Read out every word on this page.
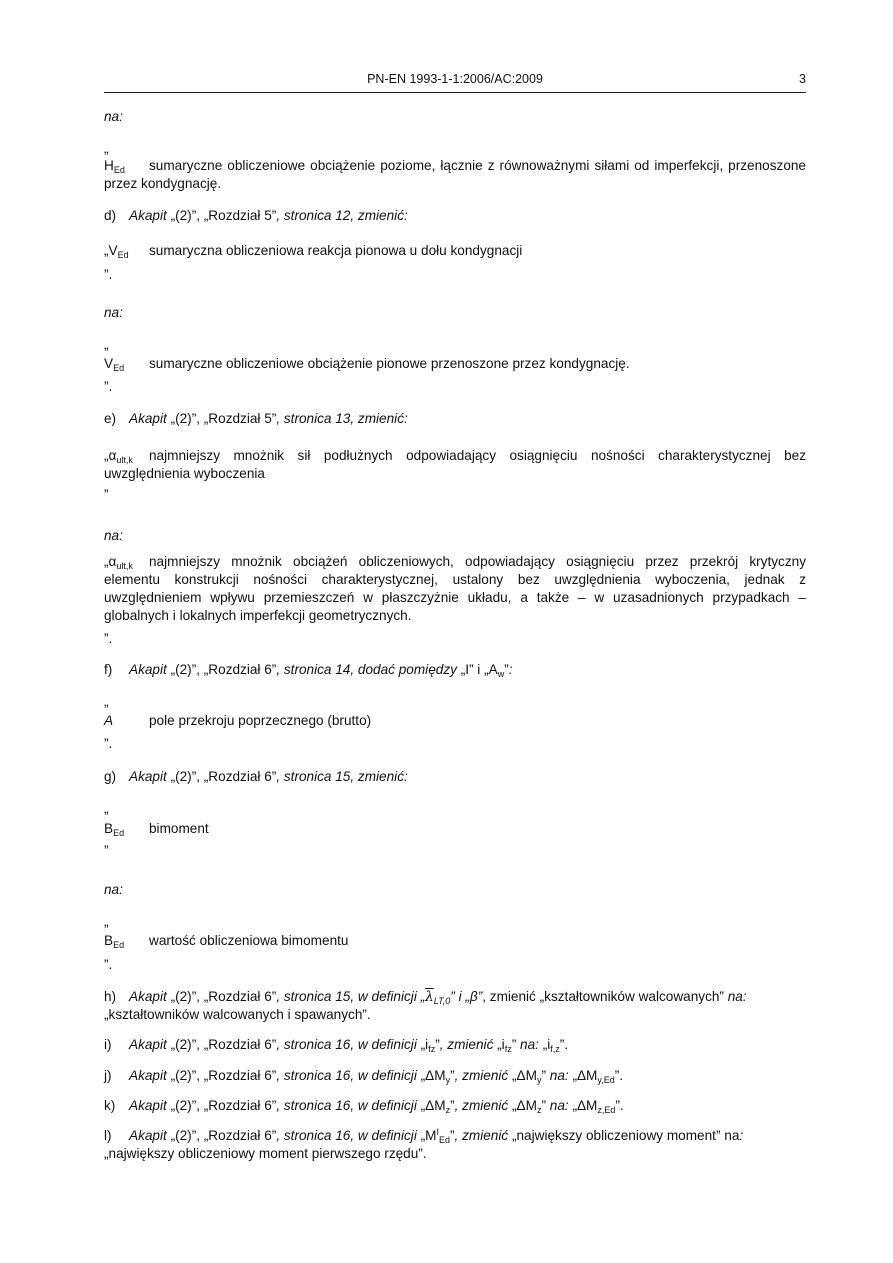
PN-EN 1993-1-1:2006/AC:2009	3
na:
„
$H_{Ed}$ sumaryczne obliczeniowe obciążenie poziome, łącznie z równoważnymi siłami od imperfekcji, przenoszone przez kondygnację.
d) Akapit „(2)”, „Rozdział 5”, stronica 12, zmienić:
$„V_{Ed}$ sumaryczna obliczeniowa reakcja pionowa u dołu kondygnacji
”.
na:
„
$V_{Ed}$ sumaryczne obliczeniowe obciążenie pionowe przenoszone przez kondygnację.
”.
e) Akapit „(2)”, „Rozdział 5”, stronica 13, zmienić:
$„\alpha_{ult,k}$ najmniejszy mnożnik sił podłużnych odpowiadający osiągnięciu nośności charakterystycznej bez uwzględnienia wyboczenia
”
na:
$„\alpha_{ult,k}$ najmniejszy mnożnik obciążeń obliczeniowych, odpowiadający osiągnięciu przez przekrój krytyczny elementu konstrukcji nośności charakterystycznej, ustalony bez uwzględnienia wyboczenia, jednak z uwzględnieniem wpływu przemieszczeń w płaszczyżnie układu, a także – w uzasadnionych przypadkach – globalnych i lokalnych imperfekcji geometrycznych.
”.
f) Akapit „(2)”, „Rozdział 6”, stronica 14, dodać pomiędzy „I” i $„A_w$”:
„
A	pole przekroju poprzecznego (brutto)
”.
g) Akapit „(2)”, „Rozdział 6”, stronica 15, zmienić:
„
$B_{Ed}$ bimoment
”
na:
„
$B_{Ed}$ wartość obliczeniowa bimomentu
”.
h) Akapit „(2)”, „Rozdział 6”, stronica 15, w definicji $„\overline{\lambda}_{LT,0}$” i „β”, zmienić „kształtowników walcowanych” na:
„kształtowników walcowanych i spawanych”.
i) Akapit „(2)”, „Rozdział 6”, stronica 16, w definicji $„i_{fz}$”, zmienić $„i_{fz}$” na: $„i_{f,z}$”.
j) Akapit „(2)”, „Rozdział 6”, stronica 16, w definicji $„\Delta M_y$”, zmienić $„\Delta M_y$” na: $„\Delta M_{y,Ed}$”.
k) Akapit „(2)”, „Rozdział 6”, stronica 16, w definicji $„\Delta M_z$”, zmienić $„\Delta M_z$” na: $„\Delta M_{z,Ed}$”.
l) Akapit „(2)”, „Rozdział 6”, stronica 16, w definicji $„M^I_{Ed}$”, zmienić „największy obliczeniowy moment” na:
„największy obliczeniowy moment pierwszego rzędu”.
